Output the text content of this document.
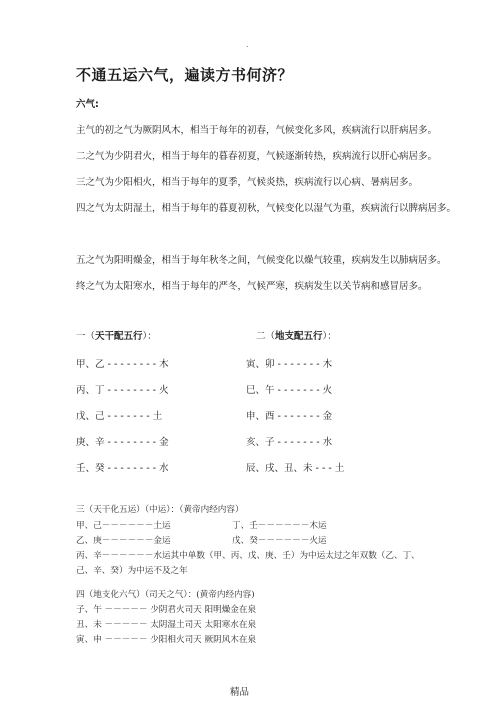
.
不通五运六气，遍读方书何济？
六气:
主气的初之气为厥阴风木，相当于每年的初春，气候变化多风，疾病流行以肝病居多。
二之气为少阴君火，相当于每年的暮春初夏，气候逐渐转热，疾病流行以肝心病居多。
三之气为少阳相火，相当于每年的夏季，气候炎热，疾病流行以心病、暑病居多。
四之气为太阴湿土，相当于每年的暮夏初秋，气候变化以湿气为重，疾病流行以脾病居多。
五之气为阳明燥金，相当于每年秋冬之间，气候变化以燥气较重，疾病发生以肺病居多。
终之气为太阳寒水，相当于每年的严冬，气候严寒，疾病发生以关节病和感冒居多。
一（天干配五行）：
甲、乙 - - - - - - - - 木
丙、丁 - - - - - - - - 火
戊、己 - - - - - - - 土
庚、辛 - - - - - - - - 金
壬、癸 - - - - - - - - 水
二（地支配五行）：
寅、卯 - - - - - - - 木
巳、午 - - - - - - - 火
申、酉 - - - - - - - 金
亥、子 - - - - - - - 水
辰、戌、丑、未 - - - 土
三（天干化五运）（中运）：（黄帝内经内容）
甲、己－－－－－－土运	丁、壬－－－－－－木运
乙、庚－－－－－－金运	戊、癸－－－－－－火运
丙、辛－－－－－－水运其中单数（甲、丙、戊、庚、壬）为中运太过之年双数（乙、丁、
己、辛、癸）为中运不及之年
四（地支化六气）（司天之气）：(黄帝内经内容)
子、午 －－－－－ 少阴君火司天 阳明燥金在泉
丑、未 －－－－－ 太阴湿土司天 太阳寒水在泉
寅、申 －－－－－ 少阳相火司天 厥阴风木在泉
精品
